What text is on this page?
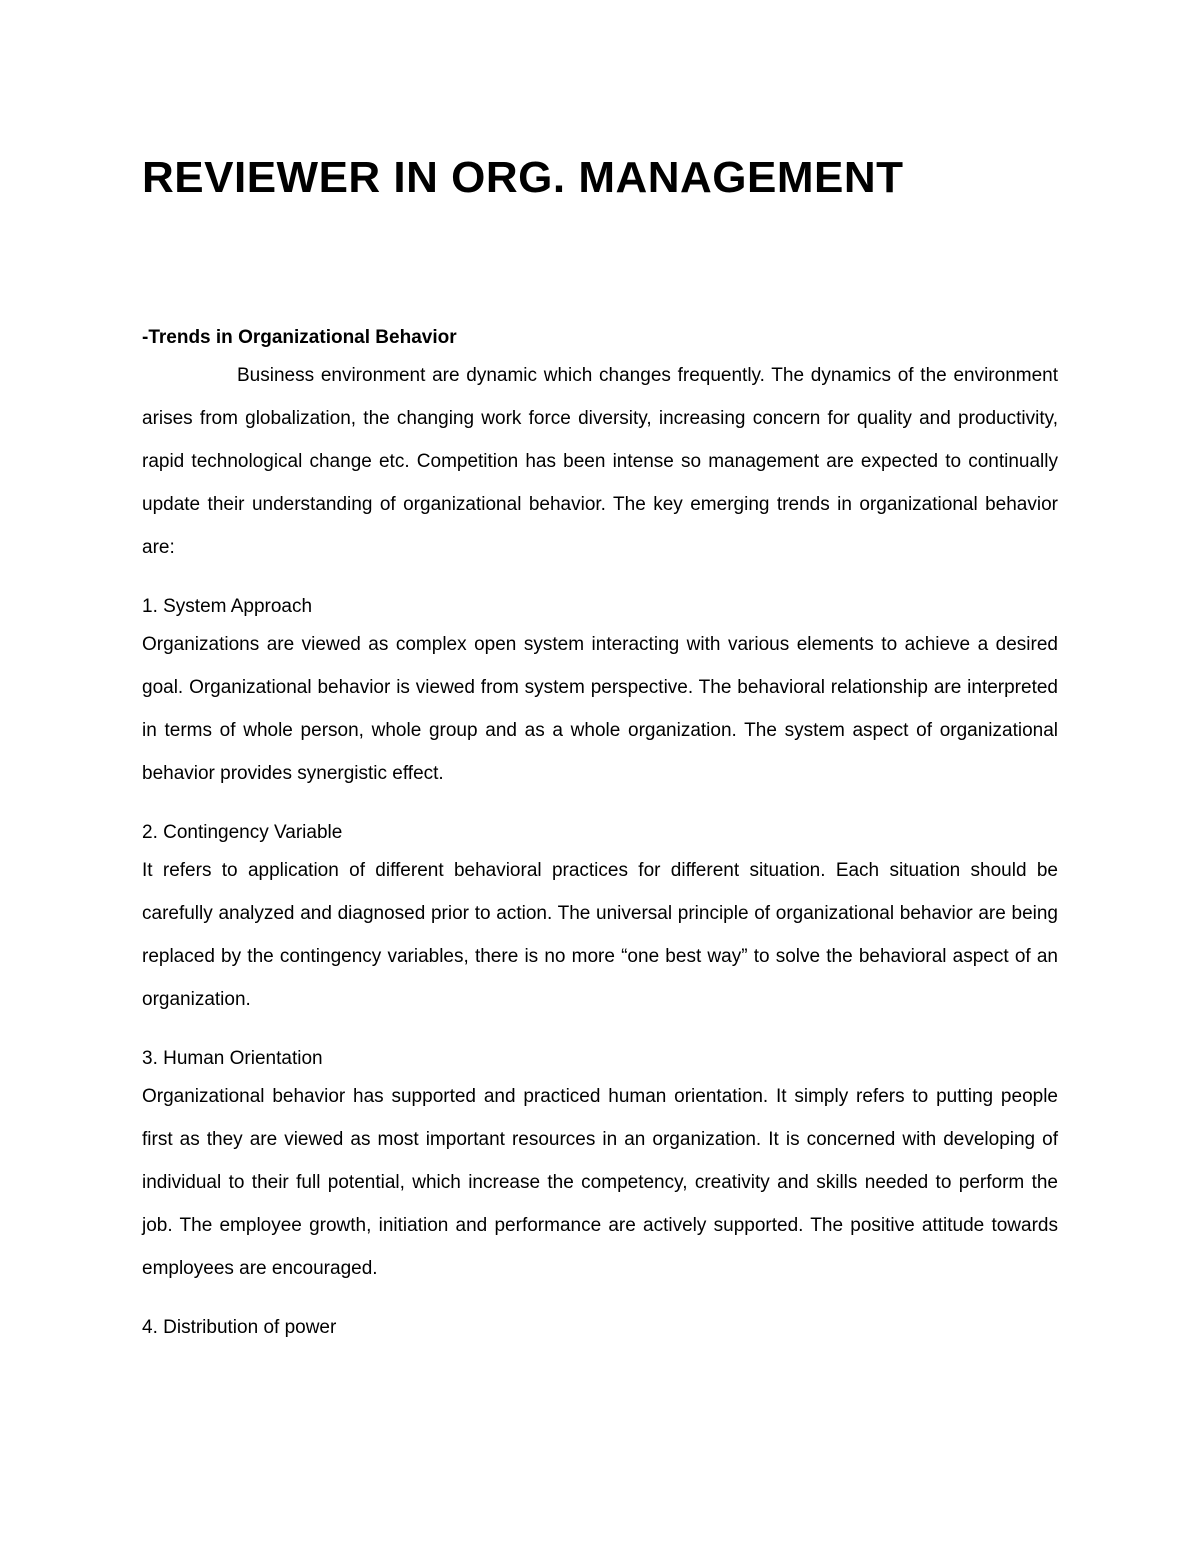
REVIEWER IN ORG. MANAGEMENT
-Trends in Organizational Behavior

Business environment are dynamic which changes frequently. The dynamics of the environment arises from globalization, the changing work force diversity, increasing concern for quality and productivity, rapid technological change etc. Competition has been intense so management are expected to continually update their understanding of organizational behavior. The key emerging trends in organizational behavior are:

1. System Approach

Organizations are viewed as complex open system interacting with various elements to achieve a desired goal. Organizational behavior is viewed from system perspective. The behavioral relationship are interpreted in terms of whole person, whole group and as a whole organization. The system aspect of organizational behavior provides synergistic effect.

2. Contingency Variable

It refers to application of different behavioral practices for different situation. Each situation should be carefully analyzed and diagnosed prior to action. The universal principle of organizational behavior are being replaced by the contingency variables, there is no more “one best way” to solve the behavioral aspect of an organization.

3. Human Orientation

Organizational behavior has supported and practiced human orientation. It simply refers to putting people first as they are viewed as most important resources in an organization. It is concerned with developing of individual to their full potential, which increase the competency, creativity and skills needed to perform the job. The employee growth, initiation and performance are actively supported. The positive attitude towards employees are encouraged.

4. Distribution of power
